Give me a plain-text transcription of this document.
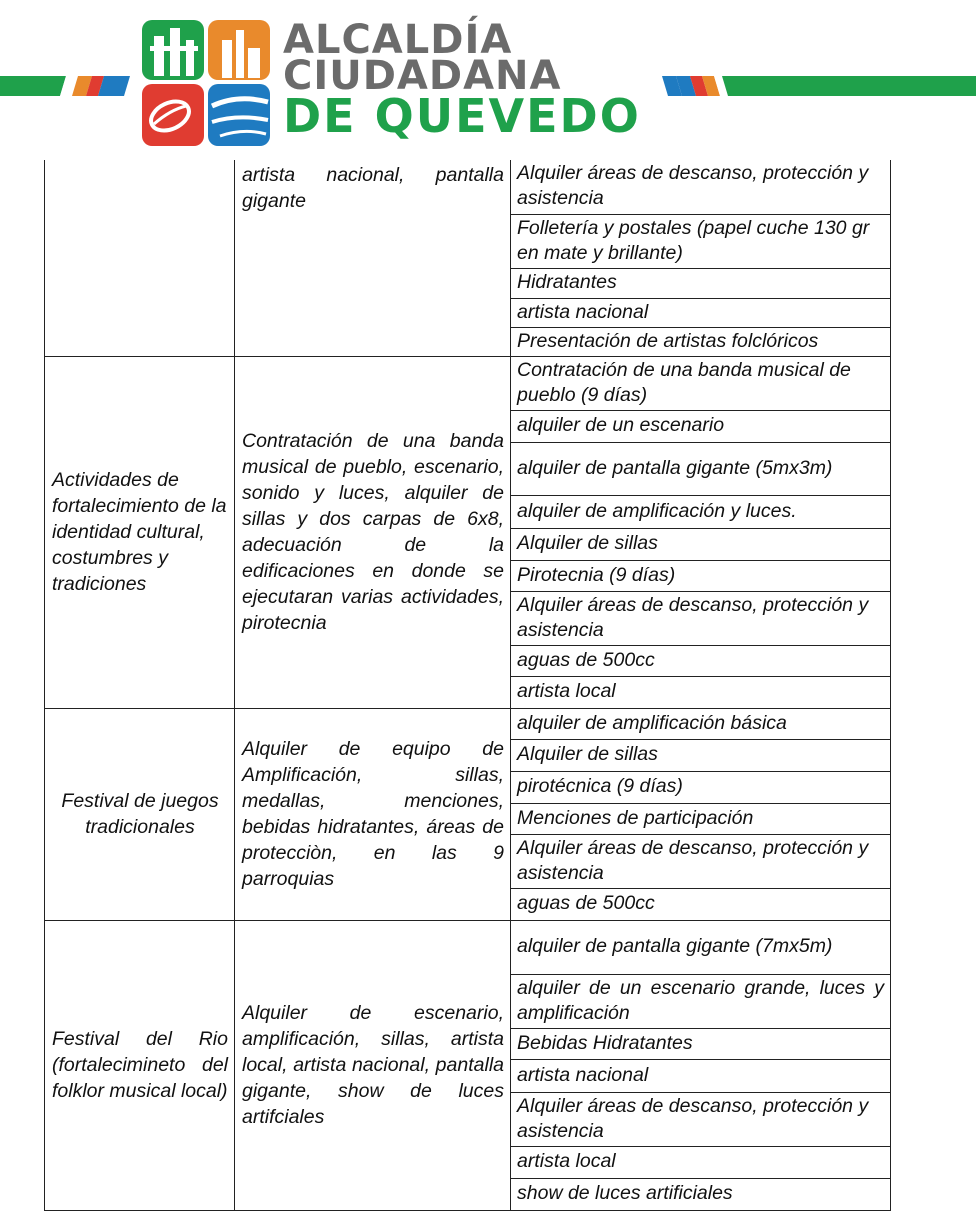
ALCALDÍA
CIUDADANA
DE QUEVEDO
	artista nacional, pantalla gigante	Alquiler áreas de descanso, protección y asistencia
		Folletería y postales (papel cuche 130 gr en mate y brillante)
		Hidratantes
		artista nacional
		Presentación de artistas folclóricos
Actividades de fortalecimiento de la identidad cultural, costumbres y tradiciones	Contratación de una banda musical de pueblo, escenario, sonido y luces, alquiler de sillas y dos carpas de 6x8, adecuación de la edificaciones en donde se ejecutaran varias actividades, pirotecnia	Contratación de una banda musical de pueblo (9 días)
		alquiler de un escenario
		alquiler de pantalla gigante (5mx3m)
		alquiler de amplificación y luces.
		Alquiler de sillas
		Pirotecnia (9 días)
		Alquiler áreas de descanso, protección y asistencia
		aguas de 500cc
		artista local
Festival de juegos tradicionales	Alquiler de equipo de Amplificación, sillas, medallas, menciones, bebidas hidratantes, áreas de protecciòn, en las 9 parroquias	alquiler de amplificación básica
		Alquiler de sillas
		pirotécnica (9 días)
		Menciones de participación
		Alquiler áreas de descanso, protección y asistencia
		aguas de 500cc
Festival del Rio (fortalecimineto del folklor musical local)	Alquiler de escenario, amplificación, sillas, artista local, artista nacional, pantalla gigante, show de luces artifciales	alquiler de pantalla gigante (7mx5m)
		alquiler de un escenario grande, luces y amplificación
		Bebidas Hidratantes
		artista nacional
		Alquiler áreas de descanso, protección y asistencia
		artista local
		show de luces artificiales
